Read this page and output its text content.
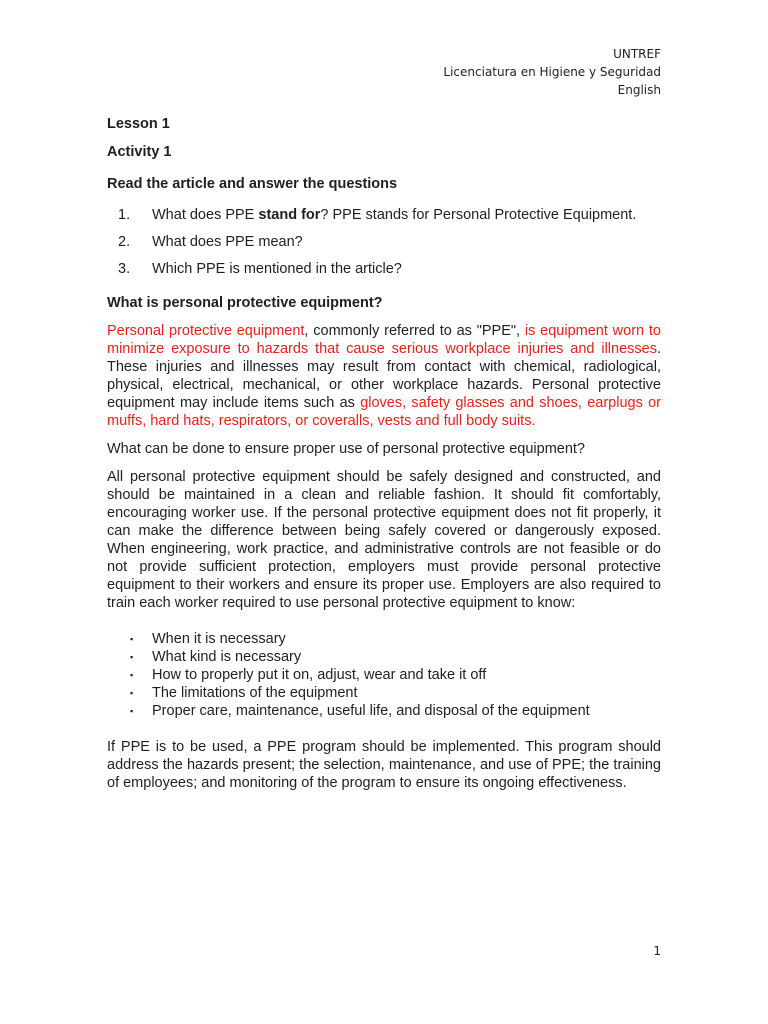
UNTREF
Licenciatura en Higiene y Seguridad
English
Lesson 1
Activity 1
Read the article and answer the questions
1.	What does PPE stand for? PPE stands for Personal Protective Equipment.
2.	What does PPE mean?
3.	Which PPE is mentioned in the article?
What is personal protective equipment?

Personal protective equipment, commonly referred to as "PPE", is equipment worn to minimize exposure to hazards that cause serious workplace injuries and illnesses. These injuries and illnesses may result from contact with chemical, radiological, physical, electrical, mechanical, or other workplace hazards. Personal protective equipment may include items such as gloves, safety glasses and shoes, earplugs or muffs, hard hats, respirators, or coveralls, vests and full body suits.

What can be done to ensure proper use of personal protective equipment?

All personal protective equipment should be safely designed and constructed, and should be maintained in a clean and reliable fashion. It should fit comfortably, encouraging worker use. If the personal protective equipment does not fit properly, it can make the difference between being safely covered or dangerously exposed. When engineering, work practice, and administrative controls are not feasible or do not provide sufficient protection, employers must provide personal protective equipment to their workers and ensure its proper use. Employers are also required to train each worker required to use personal protective equipment to know:

▪	When it is necessary
▪	What kind is necessary
▪	How to properly put it on, adjust, wear and take it off
▪	The limitations of the equipment
▪	Proper care, maintenance, useful life, and disposal of the equipment

If PPE is to be used, a PPE program should be implemented. This program should address the hazards present; the selection, maintenance, and use of PPE; the training of employees; and monitoring of the program to ensure its ongoing effectiveness.

1
